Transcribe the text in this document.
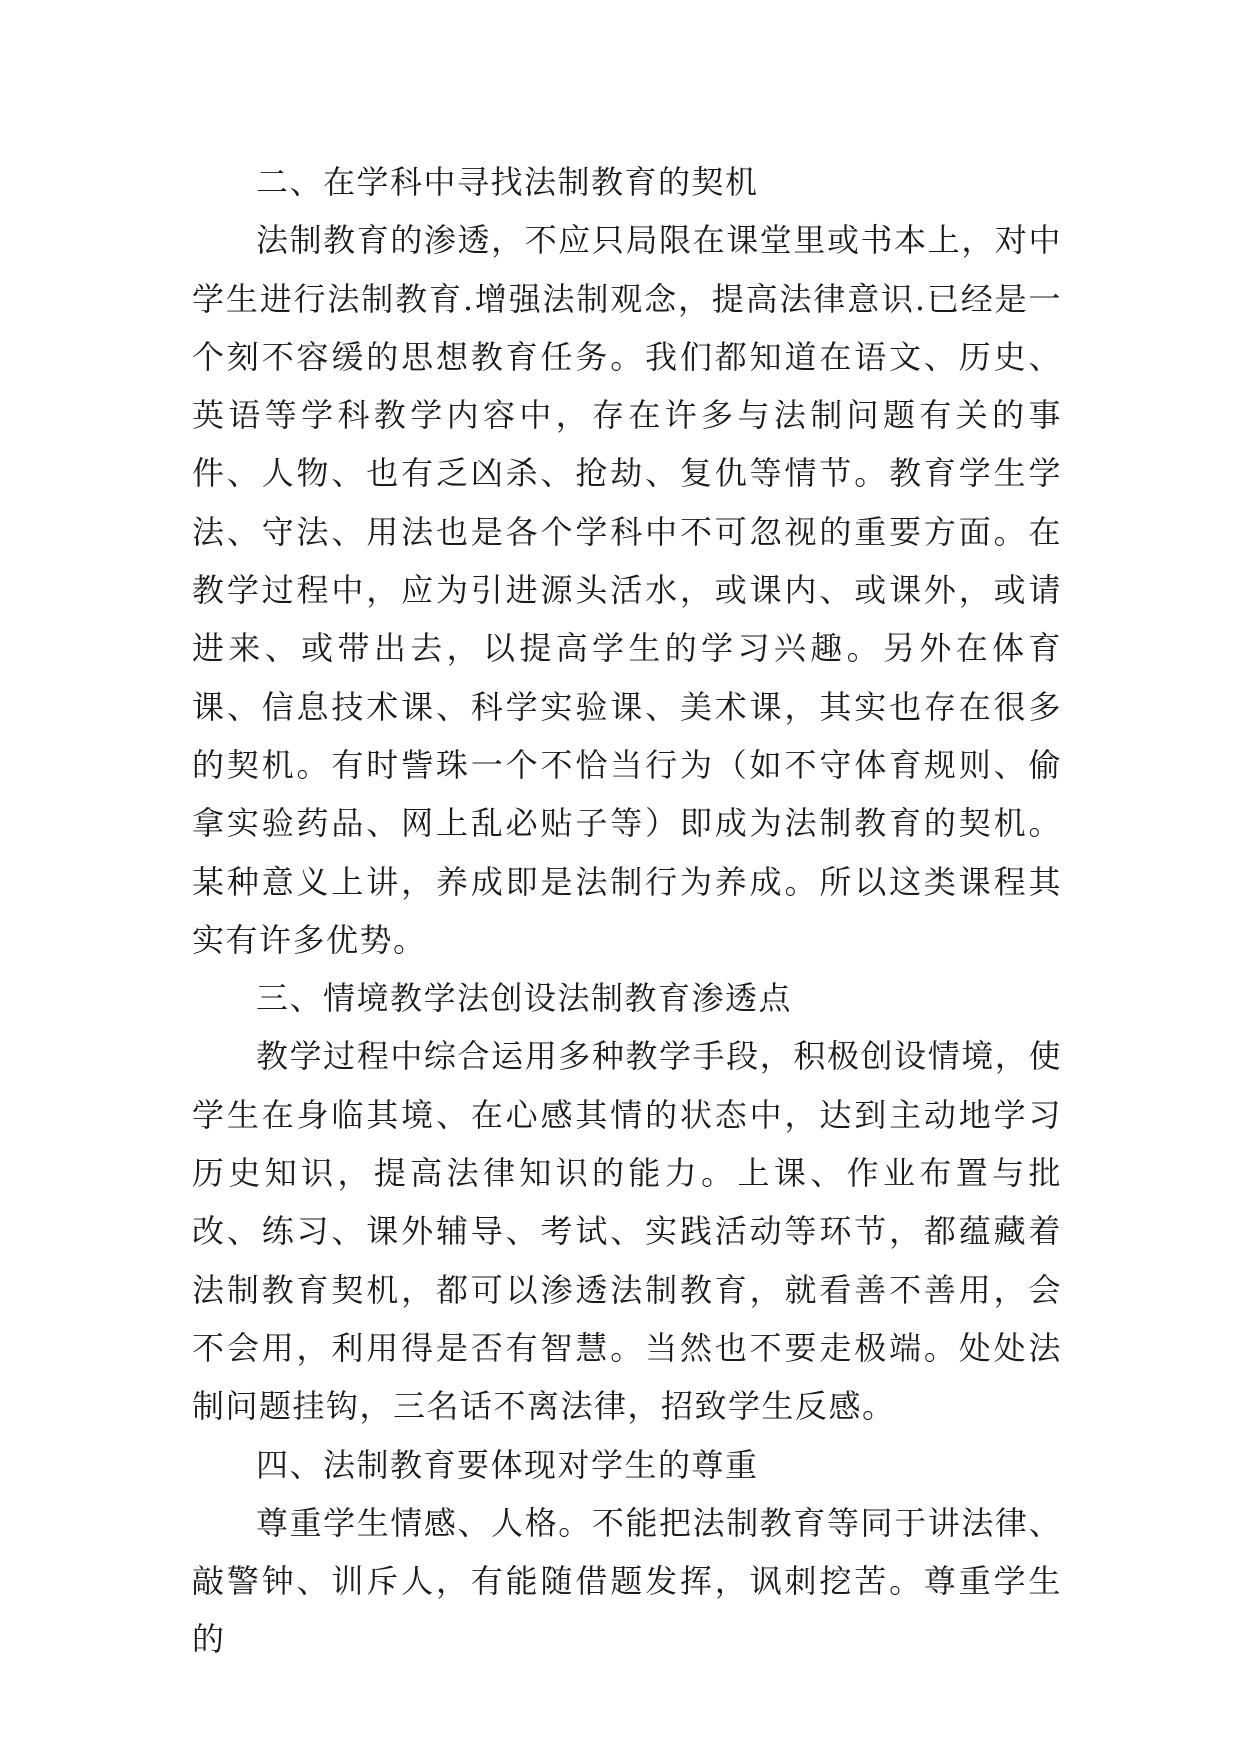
二、在学科中寻找法制教育的契机

法制教育的渗透，不应只局限在课堂里或书本上，对中学生进行法制教育.增强法制观念，提高法律意识.已经是一个刻不容缓的思想教育任务。我们都知道在语文、历史、英语等学科教学内容中，存在许多与法制问题有关的事件、人物、也有乏凶杀、抢劫、复仇等情节。教育学生学法、守法、用法也是各个学科中不可忽视的重要方面。在教学过程中，应为引进源头活水，或课内、或课外，或请进来、或带出去，以提高学生的学习兴趣。另外在体育课、信息技术课、科学实验课、美术课，其实也存在很多的契机。有时訾珠一个不恰当行为（如不守体育规则、偷拿实验药品、网上乱必贴子等）即成为法制教育的契机。某种意义上讲，养成即是法制行为养成。所以这类课程其实有许多优势。

三、情境教学法创设法制教育渗透点

教学过程中综合运用多种教学手段，积极创设情境，使学生在身临其境、在心感其情的状态中，达到主动地学习历史知识，提高法律知识的能力。上课、作业布置与批改、练习、课外辅导、考试、实践活动等环节，都蕴藏着法制教育契机，都可以渗透法制教育，就看善不善用，会不会用，利用得是否有智慧。当然也不要走极端。处处法制问题挂钩，三名话不离法律，招致学生反感。

四、法制教育要体现对学生的尊重

尊重学生情感、人格。不能把法制教育等同于讲法律、敲警钟、训斥人，有能随借题发挥，讽刺挖苦。尊重学生的
